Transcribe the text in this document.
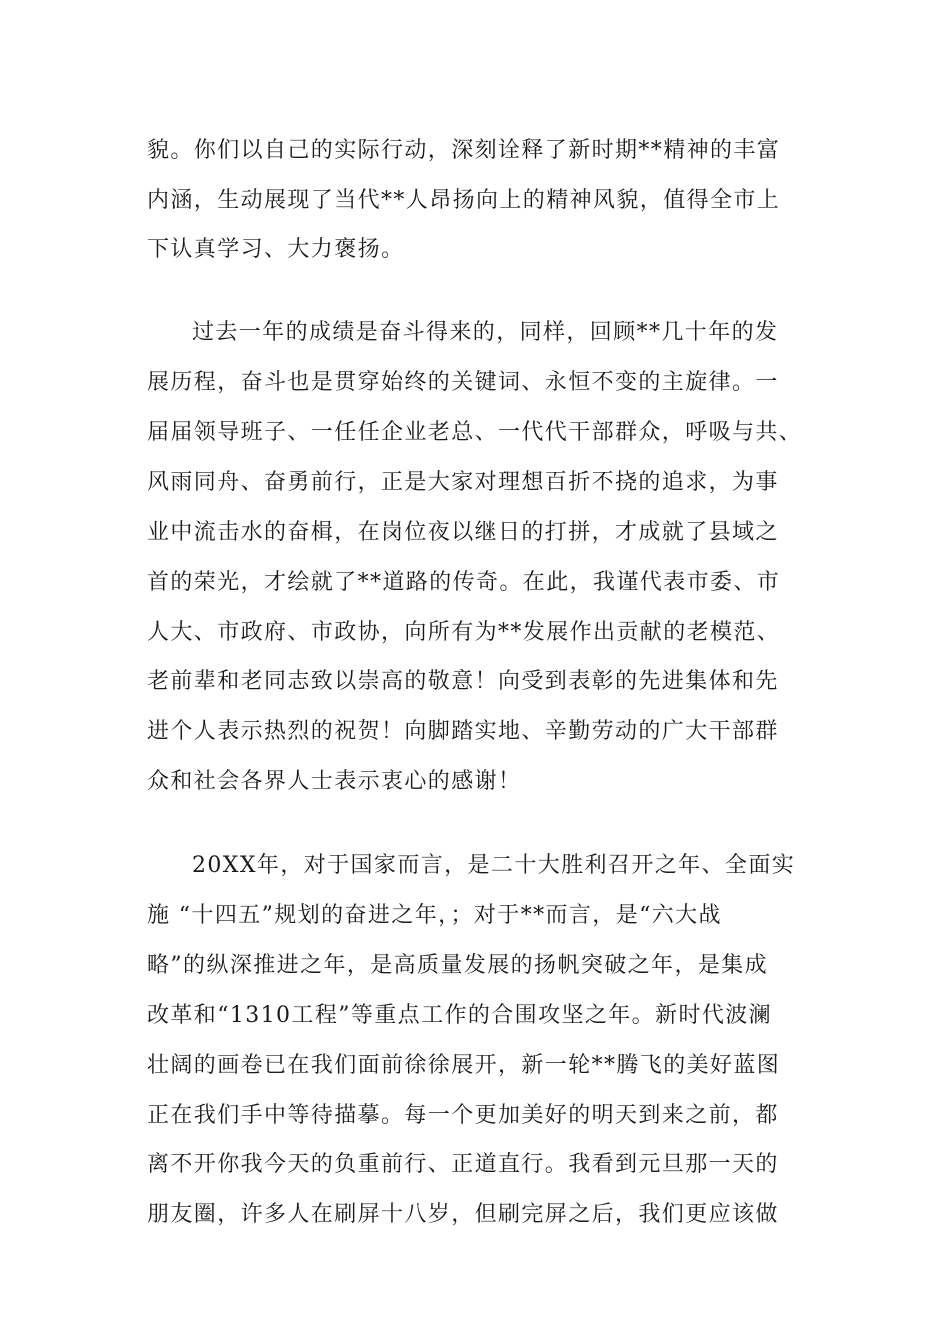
貌。你们以自己的实际行动，深刻诠释了新时期**精神的丰富

内涵，生动展现了当代**人昂扬向上的精神风貌，值得全市上

下认真学习、大力褒扬。

过去一年的成绩是奋斗得来的，同样，回顾**几十年的发

展历程，奋斗也是贯穿始终的关键词、永恒不变的主旋律。一

届届领导班子、一任任企业老总、一代代干部群众，呼吸与共、

风雨同舟、奋勇前行，正是大家对理想百折不挠的追求，为事

业中流击水的奋楫，在岗位夜以继日的打拼，才成就了县域之

首的荣光，才绘就了**道路的传奇。在此，我谨代表市委、市

人大、市政府、市政协，向所有为**发展作出贡献的老模范、

老前辈和老同志致以崇高的敬意！向受到表彰的先进集体和先

进个人表示热烈的祝贺！向脚踏实地、辛勤劳动的广大干部群

众和社会各界人士表示衷心的感谢！

20XX年，对于国家而言，是二十大胜利召开之年、全面实

施 “十四五”规划的奋进之年，；对于**而言，是“六大战

略”的纵深推进之年，是高质量发展的扬帆突破之年，是集成

改革和“1310工程”等重点工作的合围攻坚之年。新时代波澜

壮阔的画卷已在我们面前徐徐展开，新一轮**腾飞的美好蓝图

正在我们手中等待描摹。每一个更加美好的明天到来之前，都

离不开你我今天的负重前行、正道直行。我看到元旦那一天的

朋友圈，许多人在刷屏十八岁，但刷完屏之后，我们更应该做
